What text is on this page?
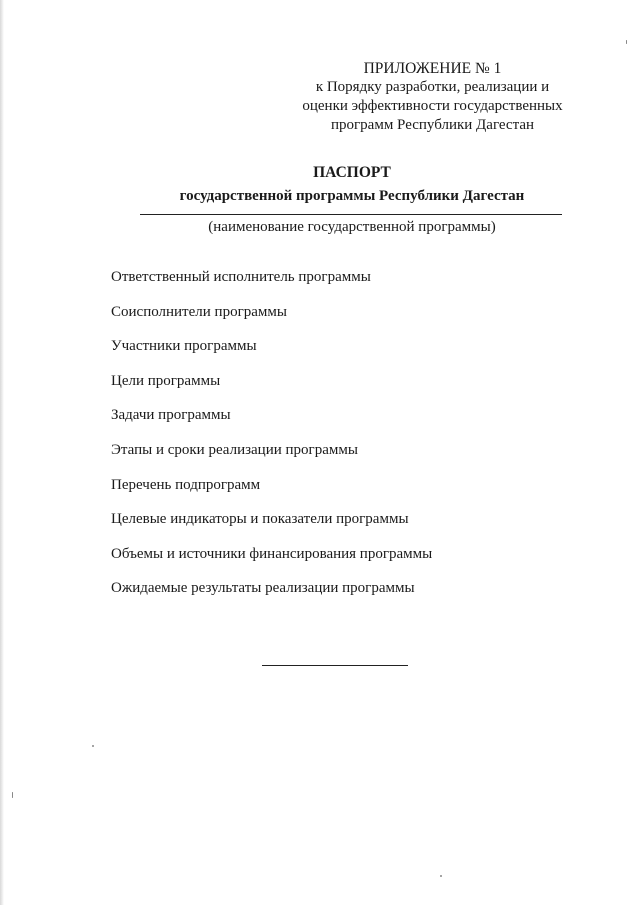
ПРИЛОЖЕНИЕ № 1
к Порядку разработки, реализации и
оценки эффективности государственных
программ Республики Дагестан
ПАСПОРТ
государственной программы Республики Дагестан
(наименование государственной программы)
Ответственный исполнитель программы
Соисполнители программы
Участники программы
Цели программы
Задачи программы
Этапы и сроки реализации программы
Перечень подпрограмм
Целевые индикаторы и показатели программы
Объемы и источники финансирования программы
Ожидаемые результаты реализации программы
